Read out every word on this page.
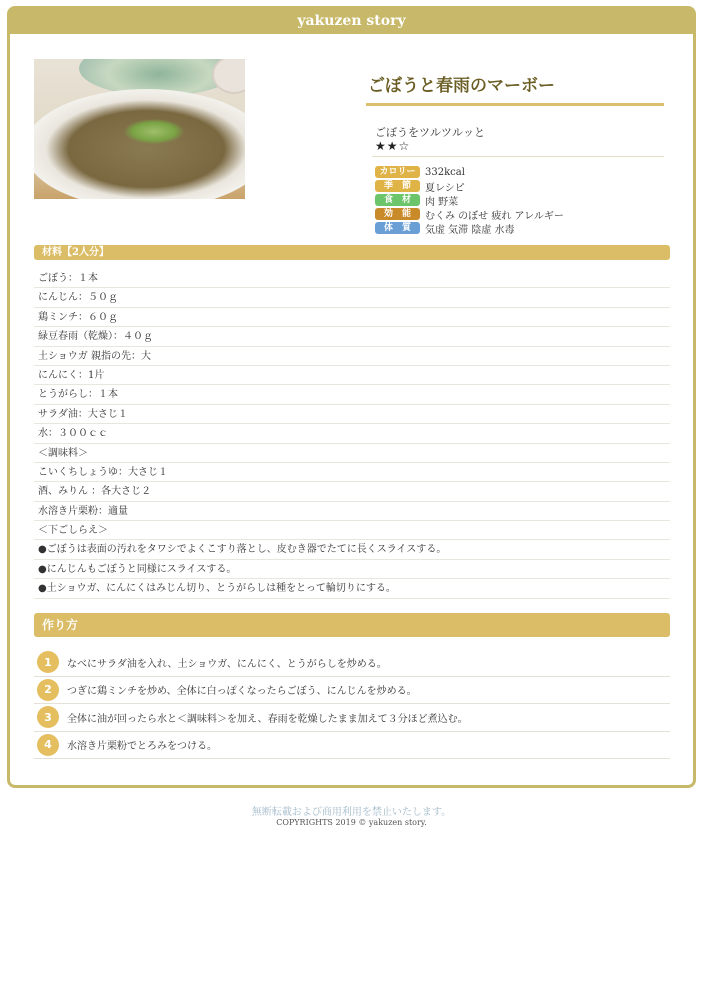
yakuzen story
ごぼうと春雨のマーボー
ごぼうをツルツルッと
★★☆
カロリー 332kcal
季　節	夏レシピ
食　材	肉 野菜
効　能	むくみ のぼせ 疲れ アレルギー
体　質	気虚 気滞 陰虚 水毒
材料【2人分】
ごぼう：１本
にんじん：５０ｇ
鶏ミンチ：６０ｇ
緑豆春雨（乾燥）：４０ｇ
土ショウガ 親指の先：大
にんにく：1片
とうがらし：１本
サラダ油：大さじ１
水：３００ｃｃ
＜調味料＞
こいくちしょうゆ：大さじ１
酒、みりん ：各大さじ２
水溶き片栗粉：適量
＜下ごしらえ＞
●ごぼうは表面の汚れをタワシでよくこすり落とし、皮むき器でたてに長くスライスする。
●にんじんもごぼうと同様にスライスする。
●土ショウガ、にんにくはみじん切り、とうがらしは種をとって輪切りにする。
作り方
1	なべにサラダ油を入れ、土ショウガ、にんにく、とうがらしを炒める。
2	つぎに鶏ミンチを炒め、全体に白っぽくなったらごぼう、にんじんを炒める。
3	全体に油が回ったら水と＜調味料＞を加え、春雨を乾燥したまま加えて３分ほど煮込む。
4	水溶き片栗粉でとろみをつける。
無断転載および商用利用を禁止いたします。
COPYRIGHTS 2019 © yakuzen story.
